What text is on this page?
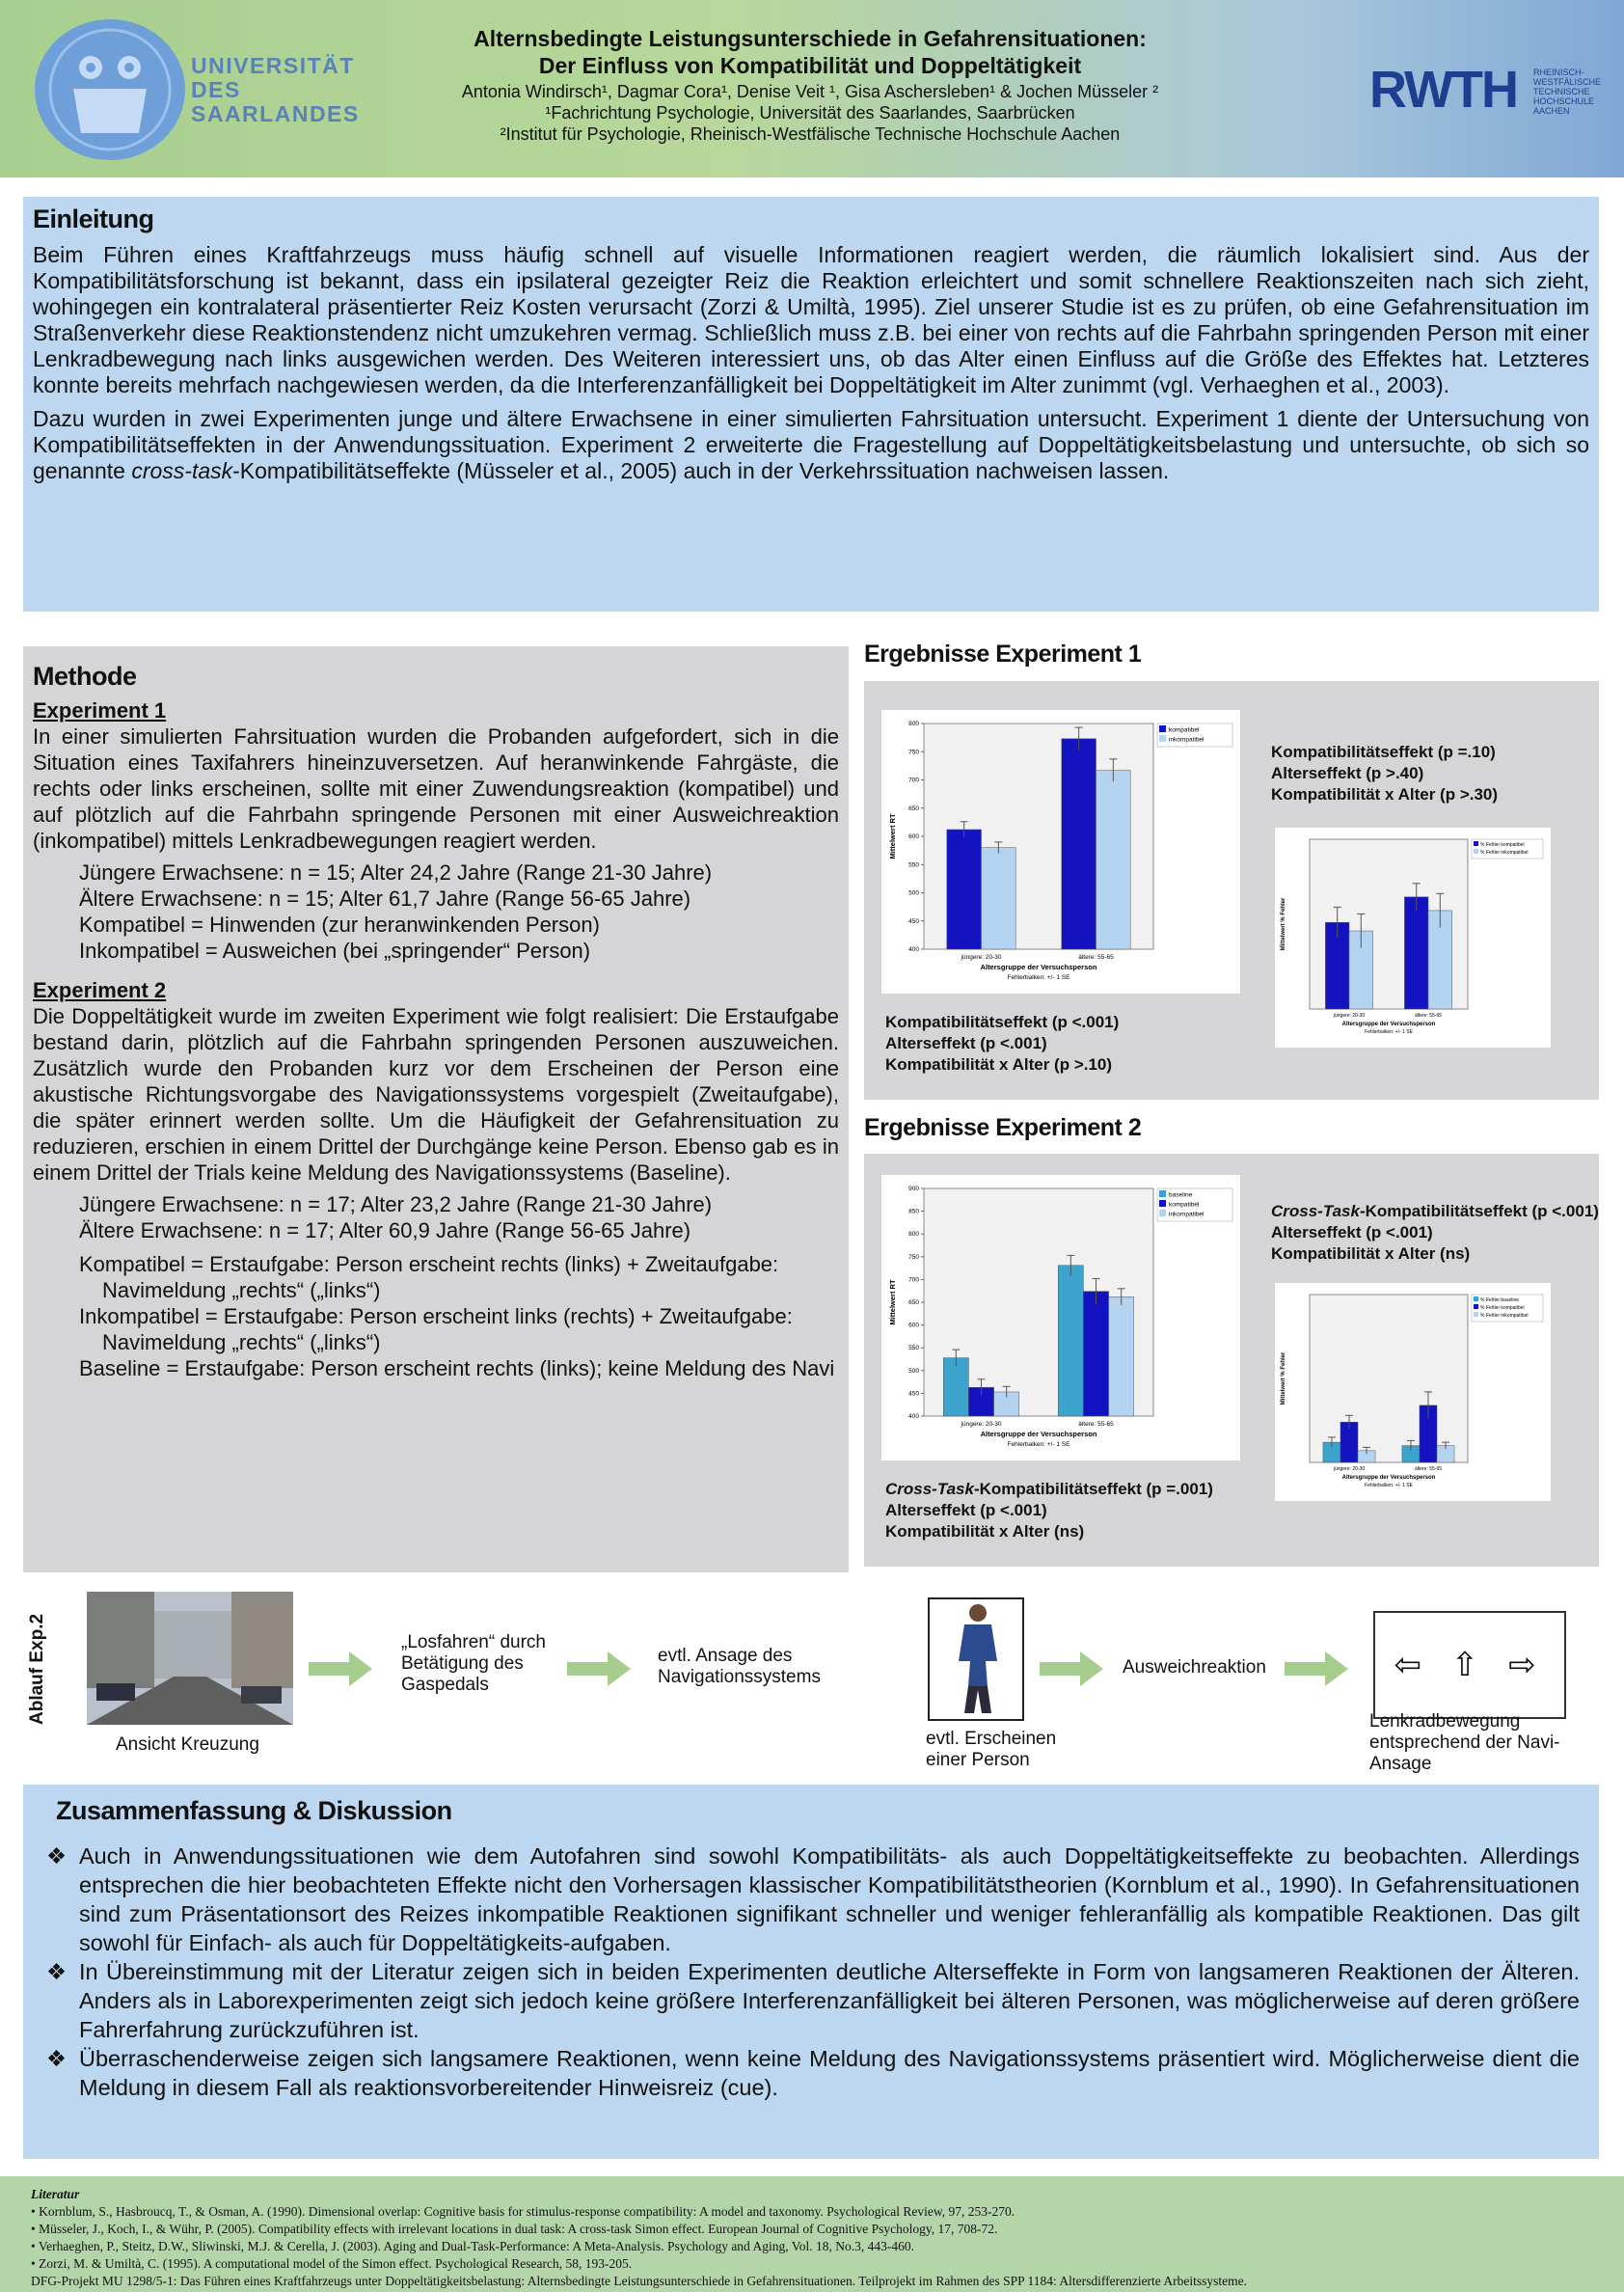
UNIVERSITÄT
DES
SAARLANDES
Alternsbedingte Leistungsunterschiede in Gefahrensituationen:
Der Einfluss von Kompatibilität und Doppeltätigkeit
Antonia Windirsch¹, Dagmar Cora¹, Denise Veit ¹, Gisa Aschersleben¹ & Jochen Müsseler ²
¹Fachrichtung Psychologie, Universität des Saarlandes, Saarbrücken
²Institut für Psychologie, Rheinisch-Westfälische Technische Hochschule Aachen
RWTH RHEINISCH-
WESTFÄLISCHE
TECHNISCHE
HOCHSCHULE
AACHEN
Einleitung
Beim Führen eines Kraftfahrzeugs muss häufig schnell auf visuelle Informationen reagiert werden, die räumlich lokalisiert sind. Aus der Kompatibilitätsforschung ist bekannt, dass ein ipsilateral gezeigter Reiz die Reaktion erleichtert und somit schnellere Reaktionszeiten nach sich zieht, wohingegen ein kontralateral präsentierter Reiz Kosten verursacht (Zorzi & Umiltà, 1995). Ziel unserer Studie ist es zu prüfen, ob eine Gefahrensituation im Straßenverkehr diese Reaktionstendenz nicht umzukehren vermag. Schließlich muss z.B. bei einer von rechts auf die Fahrbahn springenden Person mit einer Lenkradbewegung nach links ausgewichen werden. Des Weiteren interessiert uns, ob das Alter einen Einfluss auf die Größe des Effektes hat. Letzteres konnte bereits mehrfach nachgewiesen werden, da die Interferenzanfälligkeit bei Doppeltätigkeit im Alter zunimmt (vgl. Verhaeghen et al., 2003).
Dazu wurden in zwei Experimenten junge und ältere Erwachsene in einer simulierten Fahrsituation untersucht. Experiment 1 diente der Untersuchung von Kompatibilitätseffekten in der Anwendungssituation. Experiment 2 erweiterte die Fragestellung auf Doppeltätigkeitsbelastung und untersuchte, ob sich so genannte cross-task-Kompatibilitätseffekte (Müsseler et al., 2005) auch in der Verkehrssituation nachweisen lassen.
Methode
Experiment 1
In einer simulierten Fahrsituation wurden die Probanden aufgefordert, sich in die Situation eines Taxifahrers hineinzuversetzen. Auf heranwinkende Fahrgäste, die rechts oder links erscheinen, sollte mit einer Zuwendungsreaktion (kompatibel) und auf plötzlich auf die Fahrbahn springende Personen mit einer Ausweichreaktion (inkompatibel) mittels Lenkradbewegungen reagiert werden.
Jüngere Erwachsene: n = 15; Alter 24,2 Jahre (Range 21-30 Jahre)
Ältere Erwachsene: n = 15; Alter 61,7 Jahre (Range 56-65 Jahre)
Kompatibel = Hinwenden (zur heranwinkenden Person)
Inkompatibel = Ausweichen (bei „springender“ Person)
Experiment 2
Die Doppeltätigkeit wurde im zweiten Experiment wie folgt realisiert: Die Erstaufgabe bestand darin, plötzlich auf die Fahrbahn springenden Personen auszuweichen. Zusätzlich wurde den Probanden kurz vor dem Erscheinen der Person eine akustische Richtungsvorgabe des Navigationssystems vorgespielt (Zweitaufgabe), die später erinnert werden sollte. Um die Häufigkeit der Gefahrensituation zu reduzieren, erschien in einem Drittel der Durchgänge keine Person. Ebenso gab es in einem Drittel der Trials keine Meldung des Navigationssystems (Baseline).
Jüngere Erwachsene: n = 17; Alter 23,2 Jahre (Range 21-30 Jahre)
Ältere Erwachsene: n = 17; Alter 60,9 Jahre (Range 56-65 Jahre)
Kompatibel = Erstaufgabe: Person erscheint rechts (links) + Zweitaufgabe: Navimeldung „rechts“ („links“)
Inkompatibel = Erstaufgabe: Person erscheint links (rechts) + Zweitaufgabe: Navimeldung „rechts“ („links“)
Baseline = Erstaufgabe: Person erscheint rechts (links); keine Meldung des Navi
Ergebnisse Experiment 1
400
450
500
550
600
650
700
750
800
jüngere: 20-30	ältere: 55-65
Altersgruppe der Versuchsperson
Fehlerbalken: +/- 1 SE
Mittelwert RT
kompatibel
inkompatibel
jüngere: 20-30	ältere: 55-65
Altersgruppe der Versuchsperson
Fehlerbalken: +/- 1 SE
Mittelwert % Fehler
% Fehler kompatibel
% Fehler inkompatibel
Kompatibilitätseffekt (p <.001)
Alterseffekt (p <.001)
Kompatibilität x Alter (p >.10)
Kompatibilitätseffekt (p =.10)
Alterseffekt (p >.40)
Kompatibilität x Alter (p >.30)
Ergebnisse Experiment 2
400
450
500
550
600
650
700
750
800
850
900
jüngere: 20-30	ältere: 55-65
Altersgruppe der Versuchsperson
Fehlerbalken: +/- 1 SE
Mittelwert RT
baseline
kompatibel
inkompatibel
jüngere: 20-30	ältere: 55-65
Altersgruppe der Versuchsperson
Fehlerbalken: +/- 1 SE
Mittelwert % Fehler
% Fehler baseline
% Fehler kompatibel
% Fehler inkompatibel
Cross-Task-Kompatibilitätseffekt (p =.001)
Alterseffekt (p <.001)
Kompatibilität x Alter (ns)
Cross-Task-Kompatibilitätseffekt (p <.001)
Alterseffekt (p <.001)
Kompatibilität x Alter (ns)
Ablauf Exp.2
Ansicht Kreuzung
„Losfahren“ durch Betätigung des Gaspedals
evtl. Ansage des Navigationssystems
evtl. Erscheinen einer Person
Ausweichreaktion	⇦ ⇧ ⇨
Lenkradbewegung entsprechend der Navi-Ansage
Zusammenfassung & Diskussion
❖ Auch in Anwendungssituationen wie dem Autofahren sind sowohl Kompatibilitäts- als auch Doppeltätigkeitseffekte zu beobachten. Allerdings entsprechen die hier beobachteten Effekte nicht den Vorhersagen klassischer Kompatibilitätstheorien (Kornblum et al., 1990). In Gefahrensituationen sind zum Präsentationsort des Reizes inkompatible Reaktionen signifikant schneller und weniger fehleranfällig als kompatible Reaktionen. Das gilt sowohl für Einfach- als auch für Doppeltätigkeits-aufgaben.
❖ In Übereinstimmung mit der Literatur zeigen sich in beiden Experimenten deutliche Alterseffekte in Form von langsameren Reaktionen der Älteren. Anders als in Laborexperimenten zeigt sich jedoch keine größere Interferenzanfälligkeit bei älteren Personen, was möglicherweise auf deren größere Fahrerfahrung zurückzuführen ist.
❖ Überraschenderweise zeigen sich langsamere Reaktionen, wenn keine Meldung des Navigationssystems präsentiert wird. Möglicherweise dient die Meldung in diesem Fall als reaktionsvorbereitender Hinweisreiz (cue).
Literatur
• Kornblum, S., Hasbroucq, T., & Osman, A. (1990). Dimensional overlap: Cognitive basis for stimulus-response compatibility: A model and taxonomy. Psychological Review, 97, 253-270.
• Müsseler, J., Koch, I., & Wühr, P. (2005). Compatibility effects with irrelevant locations in dual task: A cross-task Simon effect. European Journal of Cognitive Psychology, 17, 708-72.
• Verhaeghen, P., Steitz, D.W., Sliwinski, M.J. & Cerella, J. (2003). Aging and Dual-Task-Performance: A Meta-Analysis. Psychology and Aging, Vol. 18, No.3, 443-460.
• Zorzi, M. & Umiltà, C. (1995). A computational model of the Simon effect. Psychological Research, 58, 193-205.
DFG-Projekt MU 1298/5-1: Das Führen eines Kraftfahrzeugs unter Doppeltätigkeitsbelastung: Alternsbedingte Leistungsunterschiede in Gefahrensituationen. Teilprojekt im Rahmen des SPP 1184: Altersdifferenzierte Arbeitssysteme.
